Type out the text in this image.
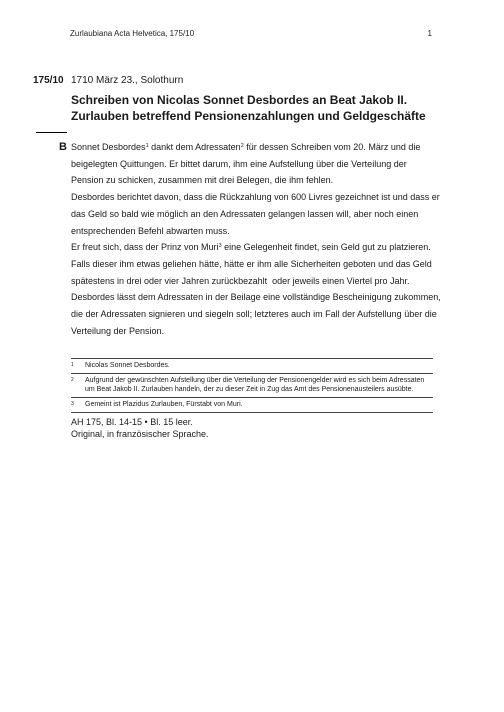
Zurlaubiana Acta Helvetica, 175/10	1
175/10 1710 März 23., Solothurn
Schreiben von Nicolas Sonnet Desbordes an Beat Jakob II.
Zurlauben betreffend Pensionenzahlungen und Geldgeschäfte
B Sonnet Desbordes$^1$ dankt dem Adressaten$^2$ für dessen Schreiben vom 20. März und die beigelegten Quittungen. Er bittet darum, ihm eine Aufstellung über die Verteilung der Pension zu schicken, zusammen mit drei Belegen, die ihm fehlen.

Desbordes berichtet davon, dass die Rückzahlung von 600 Livres gezeichnet ist und dass er das Geld so bald wie möglich an den Adressaten gelangen lassen will, aber noch einen entsprechenden Befehl abwarten muss.

Er freut sich, dass der Prinz von Muri$^3$ eine Gelegenheit findet, sein Geld gut zu platzieren. Falls dieser ihm etwas geliehen hätte, hätte er ihm alle Sicherheiten geboten und das Geld spätestens in drei oder vier Jahren zurückbezahlt ⁠ oder jeweils einen Viertel pro Jahr.

Desbordes lässt dem Adressaten in der Beilage eine vollständige Bescheinigung zukommen, die der Adressaten signieren und siegeln soll; letzteres auch im Fall der Aufstellung über die Verteilung der Pension.

1	Nicolas Sonnet Desbordes.
2	Aufgrund der gewünschten Aufstellung über die Verteilung der Pensionengelder wird es sich beim Adressaten um Beat Jakob II. Zurlauben handeln, der zu dieser Zeit in Zug das Amt des Pensionenausteilers ausübte.
3	Gemeint ist Plazidus Zurlauben, Fürstabt von Muri.
AH 175, Bl. 14-15 • Bl. 15 leer.
Original, in französischer Sprache.
